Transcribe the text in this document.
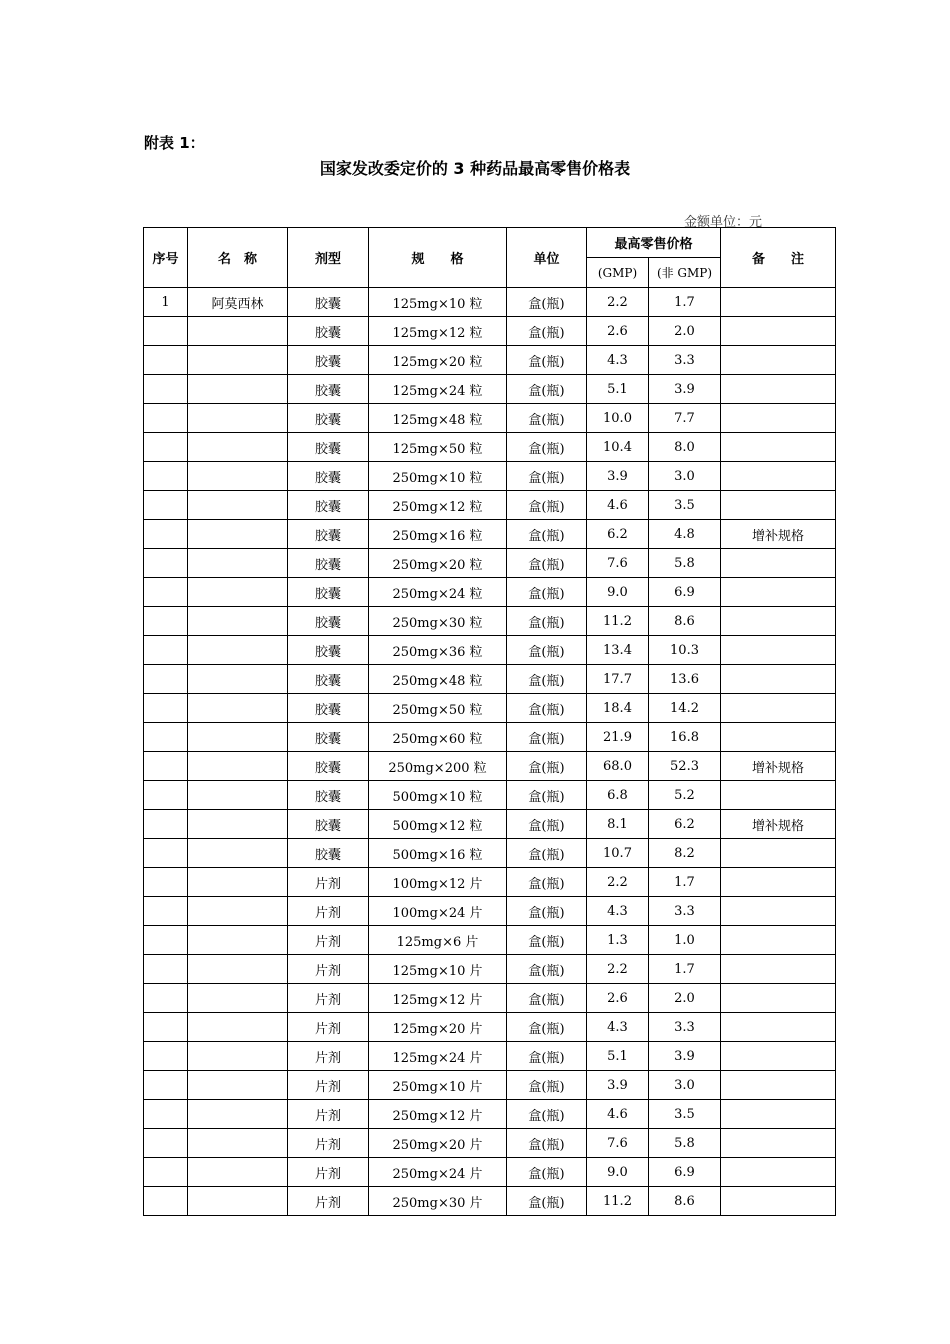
附表 1：
国家发改委定价的 3 种药品最高零售价格表
金额单位：元
序号	名　称	剂型	规　　格	单位	最高零售价格		备　　注
					(GMP)	(非 GMP)	
1	阿莫西林	胶囊	125mg×10 粒	盒(瓶)	2.2	1.7	
		胶囊	125mg×12 粒	盒(瓶)	2.6	2.0	
		胶囊	125mg×20 粒	盒(瓶)	4.3	3.3	
		胶囊	125mg×24 粒	盒(瓶)	5.1	3.9	
		胶囊	125mg×48 粒	盒(瓶)	10.0	7.7	
		胶囊	125mg×50 粒	盒(瓶)	10.4	8.0	
		胶囊	250mg×10 粒	盒(瓶)	3.9	3.0	
		胶囊	250mg×12 粒	盒(瓶)	4.6	3.5	
		胶囊	250mg×16 粒	盒(瓶)	6.2	4.8	增补规格
		胶囊	250mg×20 粒	盒(瓶)	7.6	5.8	
		胶囊	250mg×24 粒	盒(瓶)	9.0	6.9	
		胶囊	250mg×30 粒	盒(瓶)	11.2	8.6	
		胶囊	250mg×36 粒	盒(瓶)	13.4	10.3	
		胶囊	250mg×48 粒	盒(瓶)	17.7	13.6	
		胶囊	250mg×50 粒	盒(瓶)	18.4	14.2	
		胶囊	250mg×60 粒	盒(瓶)	21.9	16.8	
		胶囊	250mg×200 粒	盒(瓶)	68.0	52.3	增补规格
		胶囊	500mg×10 粒	盒(瓶)	6.8	5.2	
		胶囊	500mg×12 粒	盒(瓶)	8.1	6.2	增补规格
		胶囊	500mg×16 粒	盒(瓶)	10.7	8.2	
		片剂	100mg×12 片	盒(瓶)	2.2	1.7	
		片剂	100mg×24 片	盒(瓶)	4.3	3.3	
		片剂	125mg×6 片	盒(瓶)	1.3	1.0	
		片剂	125mg×10 片	盒(瓶)	2.2	1.7	
		片剂	125mg×12 片	盒(瓶)	2.6	2.0	
		片剂	125mg×20 片	盒(瓶)	4.3	3.3	
		片剂	125mg×24 片	盒(瓶)	5.1	3.9	
		片剂	250mg×10 片	盒(瓶)	3.9	3.0	
		片剂	250mg×12 片	盒(瓶)	4.6	3.5	
		片剂	250mg×20 片	盒(瓶)	7.6	5.8	
		片剂	250mg×24 片	盒(瓶)	9.0	6.9	
		片剂	250mg×30 片	盒(瓶)	11.2	8.6	
